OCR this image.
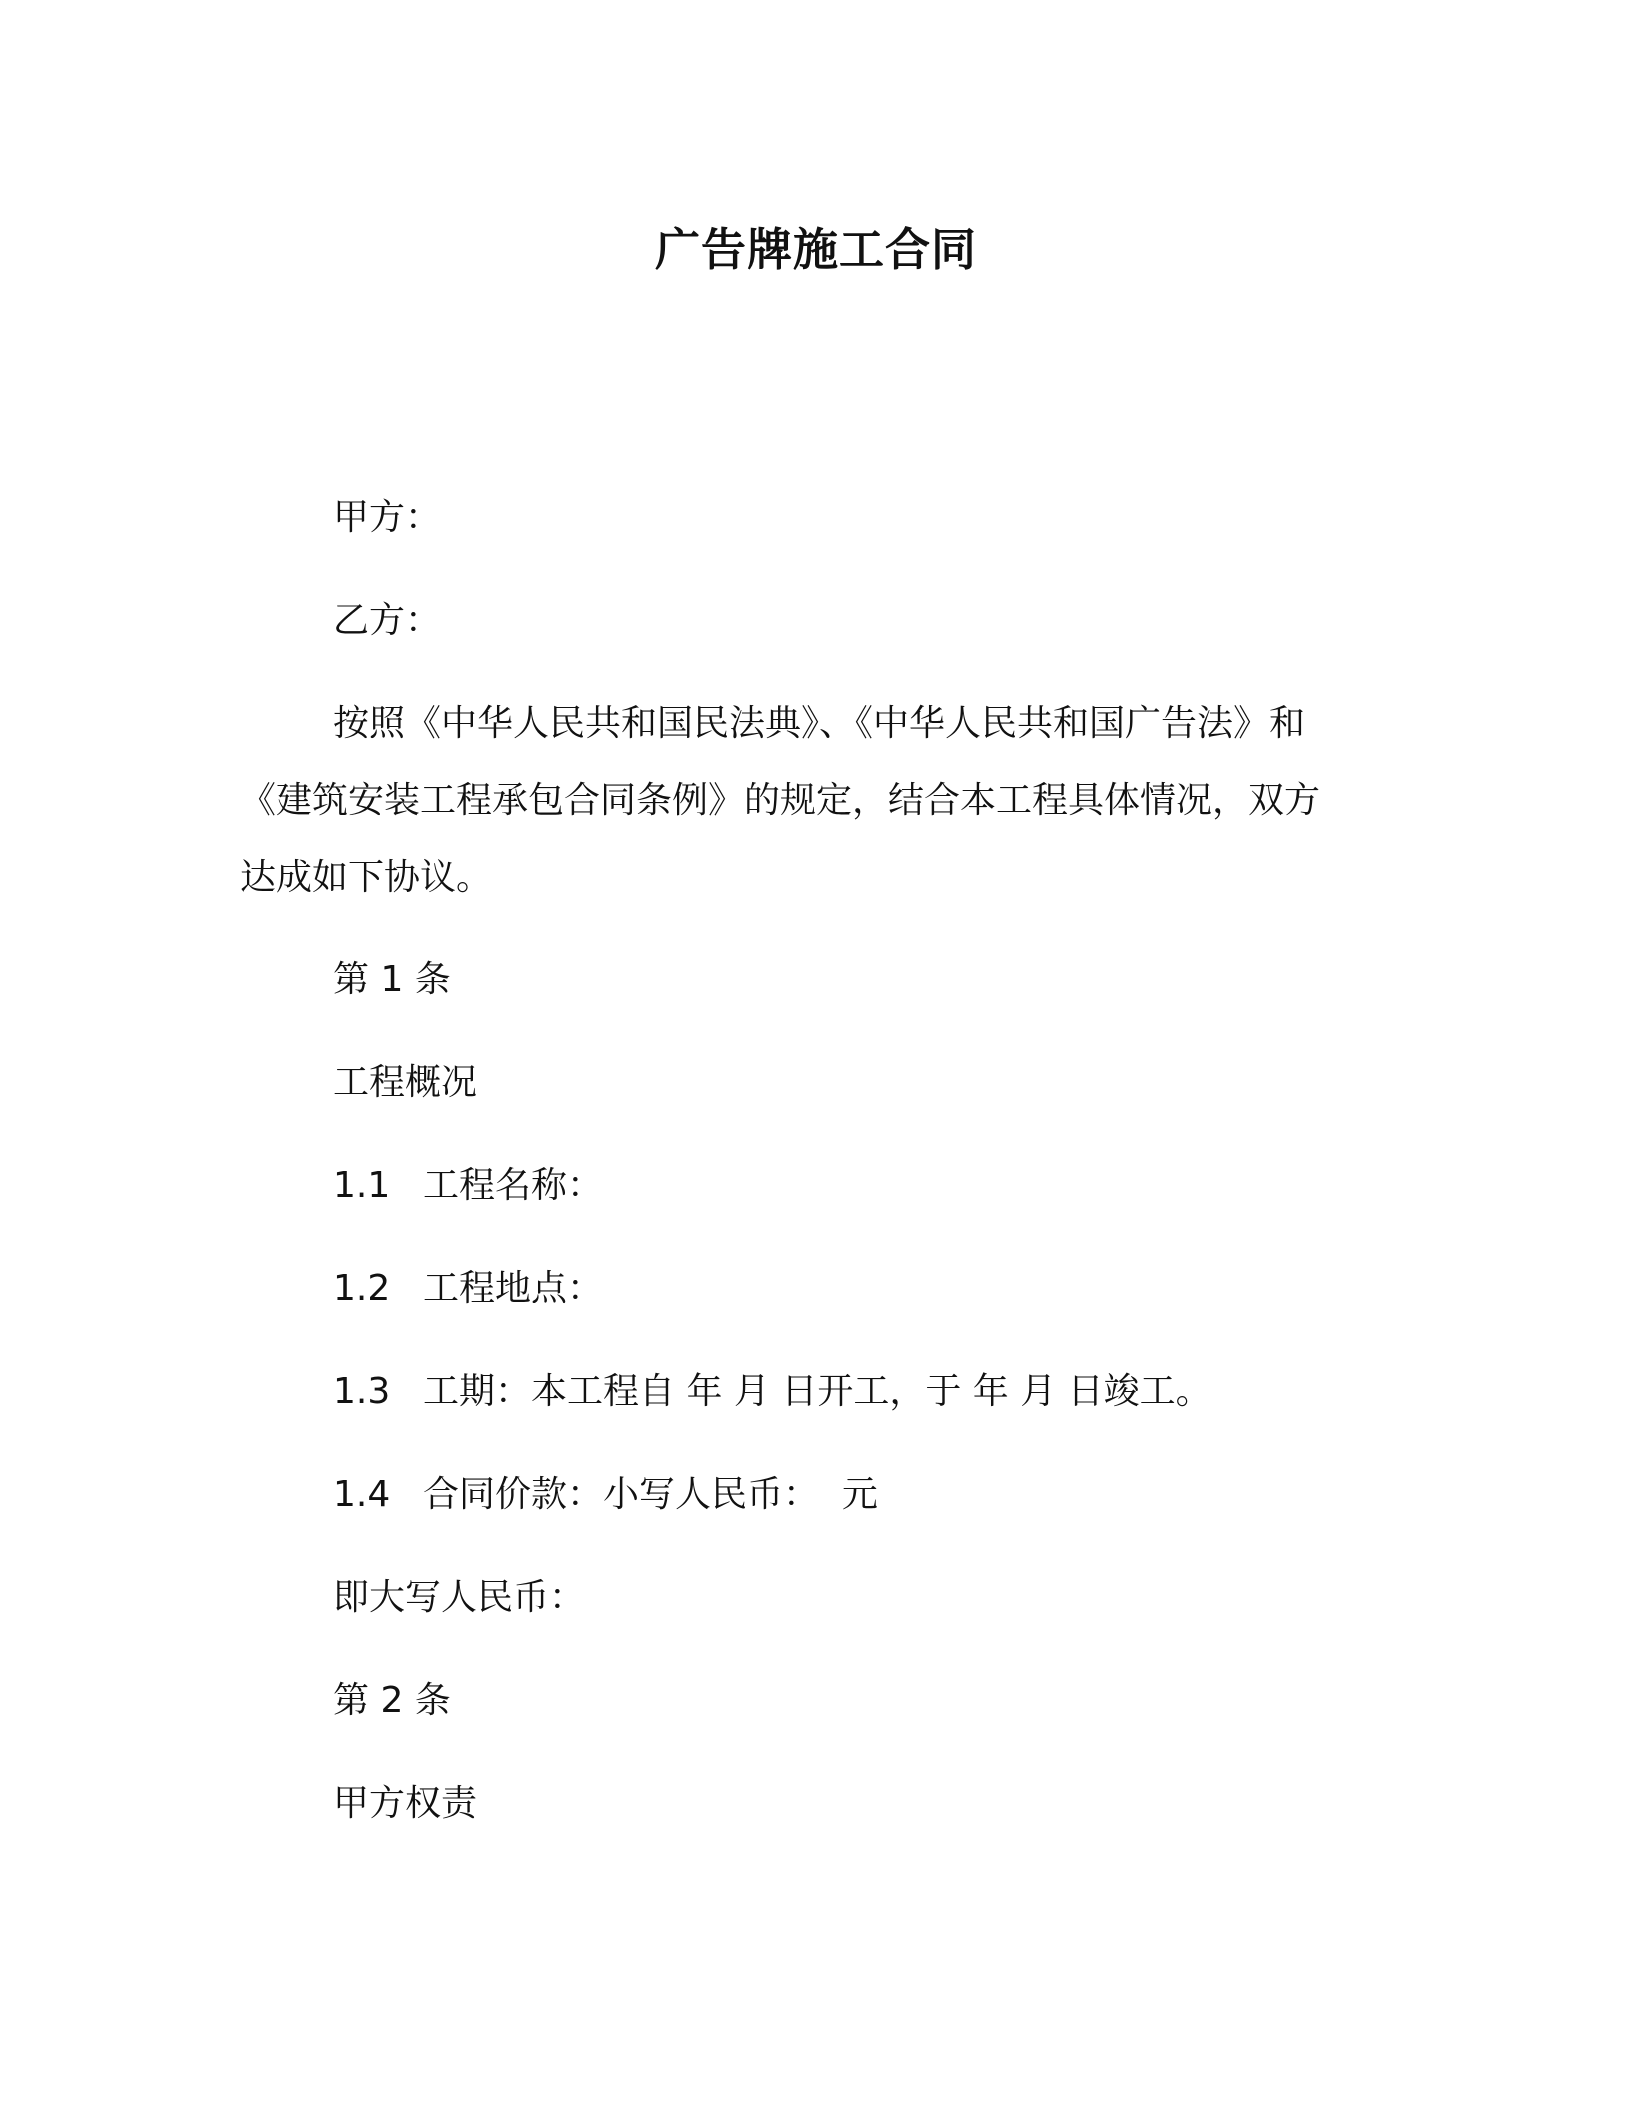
广告牌施工合同
甲方：
乙方：
按照《中华人民共和国民法典》、《中华人民共和国广告法》和
《建筑安装工程承包合同条例》的规定，结合本工程具体情况，双方
达成如下协议。
第 1 条
工程概况
1.1 工程名称：
1.2 工程地点：
1.3 工期：本工程自 年 月 日开工，于 年 月 日竣工。
1.4 合同价款：小写人民币：  元
即大写人民币：
第 2 条
甲方权责
